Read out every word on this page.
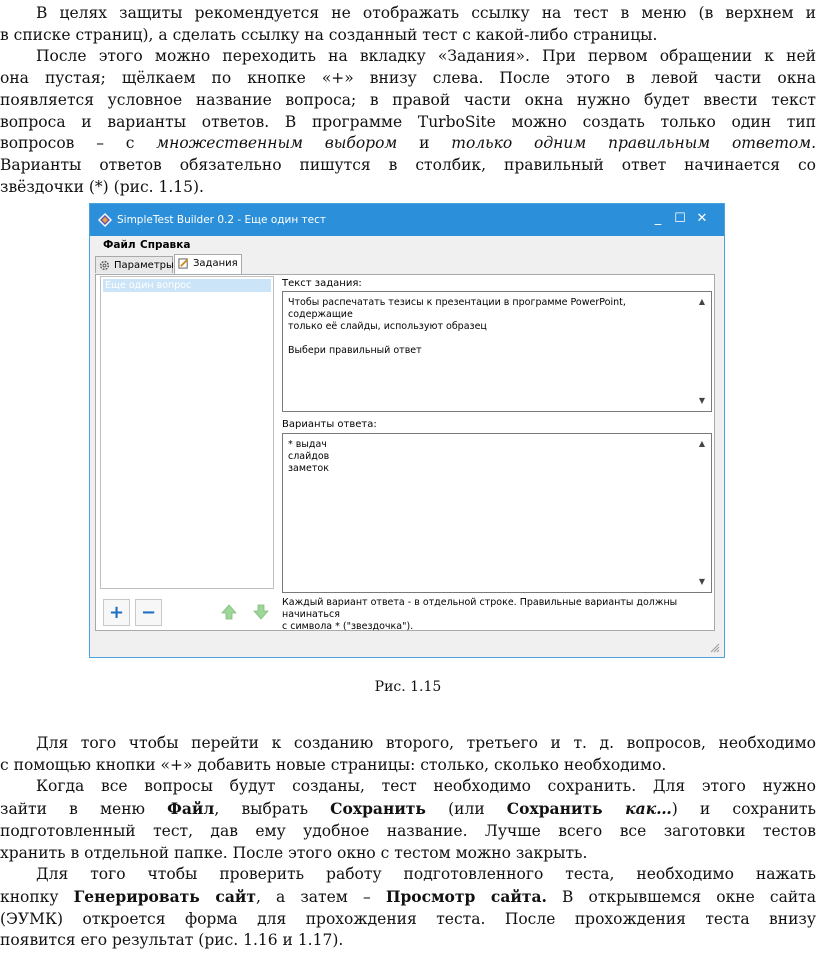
В целях защиты рекомендуется не отображать ссылку на тест в меню (в верхнем и
в списке страниц), а сделать ссылку на созданный тест с какой-либо страницы.
После этого можно переходить на вкладку «Задания». При первом обращении к ней
она пустая; щёлкаем по кнопке «+» внизу слева. После этого в левой части окна
появляется условное название вопроса; в правой части окна нужно будет ввести текст
вопроса и варианты ответов. В программе TurboSite можно создать только один тип
вопросов – с множественным выбором и только одним правильным ответом.
Варианты ответов обязательно пишутся в столбик, правильный ответ начинается со
звёздочки (*) (рис. 1.15).
SimpleTest Builder 0.2 - Еще один тест	_ ☐ ✕
Файл Справка
Параметры	Задания
Еще один вопрос	Текст задания:
Чтобы распечатать тезисы к презентации в программе PowerPoint, содержащие
только её слайды, используют образец
Выбери правильный ответ
▲
▼
Варианты ответа:
* выдач
слайдов
заметок
▲
▼
Каждый вариант ответа - в отдельной строке. Правильные варианты должны начинаться
с символа * ("звездочка").
+ −
Рис. 1.15
Для того чтобы перейти к созданию второго, третьего и т. д. вопросов, необходимо
с помощью кнопки «+» добавить новые страницы: столько, сколько необходимо.
Когда все вопросы будут созданы, тест необходимо сохранить. Для этого нужно
зайти в меню Файл, выбрать Сохранить (или Сохранить как…) и сохранить
подготовленный тест, дав ему удобное название. Лучше всего все заготовки тестов
хранить в отдельной папке. После этого окно с тестом можно закрыть.
Для того чтобы проверить работу подготовленного теста, необходимо нажать
кнопку Генерировать сайт, а затем – Просмотр сайта. В открывшемся окне сайта
(ЭУМК) откроется форма для прохождения теста. После прохождения теста внизу
появится его результат (рис. 1.16 и 1.17).
